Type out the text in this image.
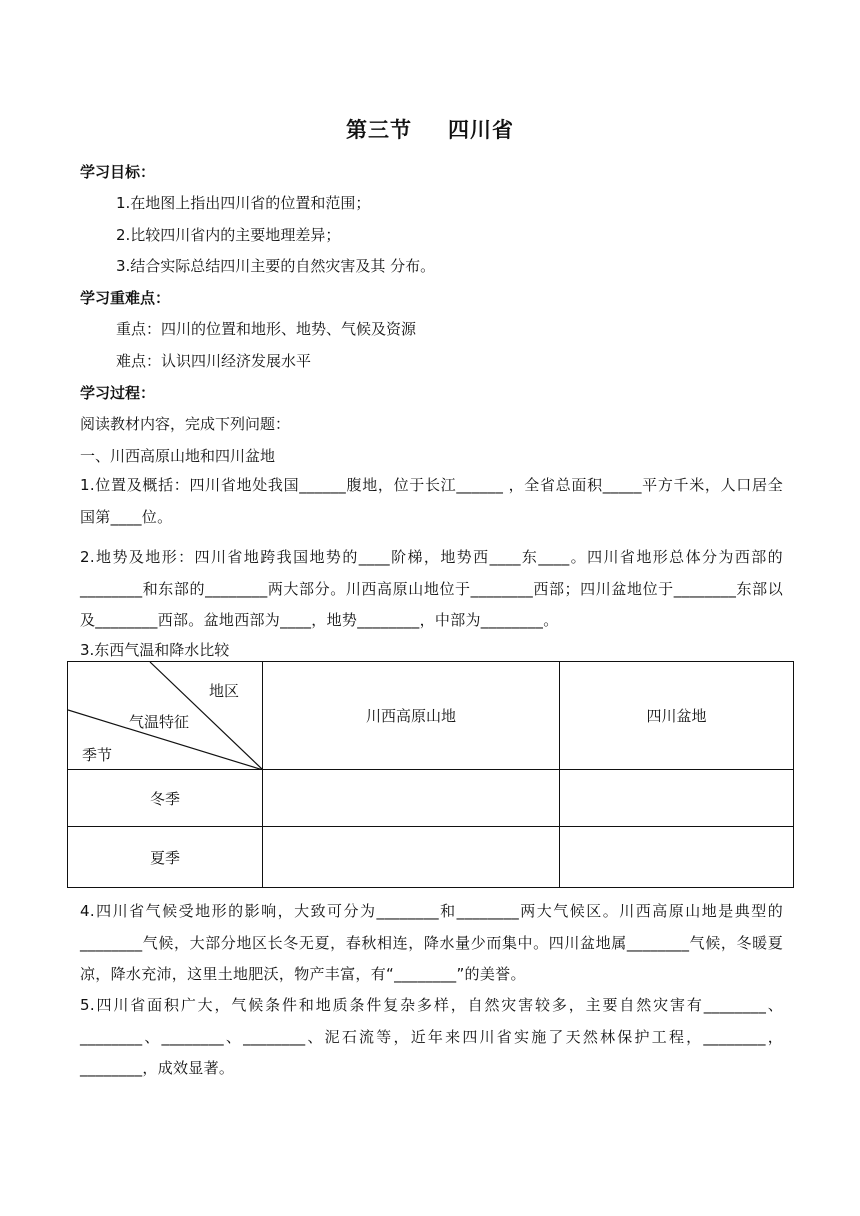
第三节 四川省
学习目标：
1.在地图上指出四川省的位置和范围；
2.比较四川省内的主要地理差异；
3.结合实际总结四川主要的自然灾害及其 分布。
学习重难点：
重点：四川的位置和地形、地势、气候及资源
难点：认识四川经济发展水平
学习过程：
阅读教材内容，完成下列问题：
一、川西高原山地和四川盆地
1.位置及概括：四川省地处我国______腹地，位于长江______ ，全省总面积_____平方千米，人口居全国第____位。
2.地势及地形：四川省地跨我国地势的____阶梯，地势西____东____。四川省地形总体分为西部的________和东部的________两大部分。川西高原山地位于________西部；四川盆地位于________东部以及________西部。盆地西部为____，地势________，中部为________。
3.东西气温和降水比较
地区
气温特征
季节	川西高原山地	四川盆地
冬季		
夏季		
4.四川省气候受地形的影响，大致可分为________和________两大气候区。川西高原山地是典型的________气候，大部分地区长冬无夏，春秋相连，降水量少而集中。四川盆地属________气候，冬暖夏凉，降水充沛，这里土地肥沃，物产丰富，有“________”的美誉。
5.四川省面积广大，气候条件和地质条件复杂多样，自然灾害较多，主要自然灾害有________、________、________、________、泥石流等，近年来四川省实施了天然林保护工程，________，________，成效显著。
